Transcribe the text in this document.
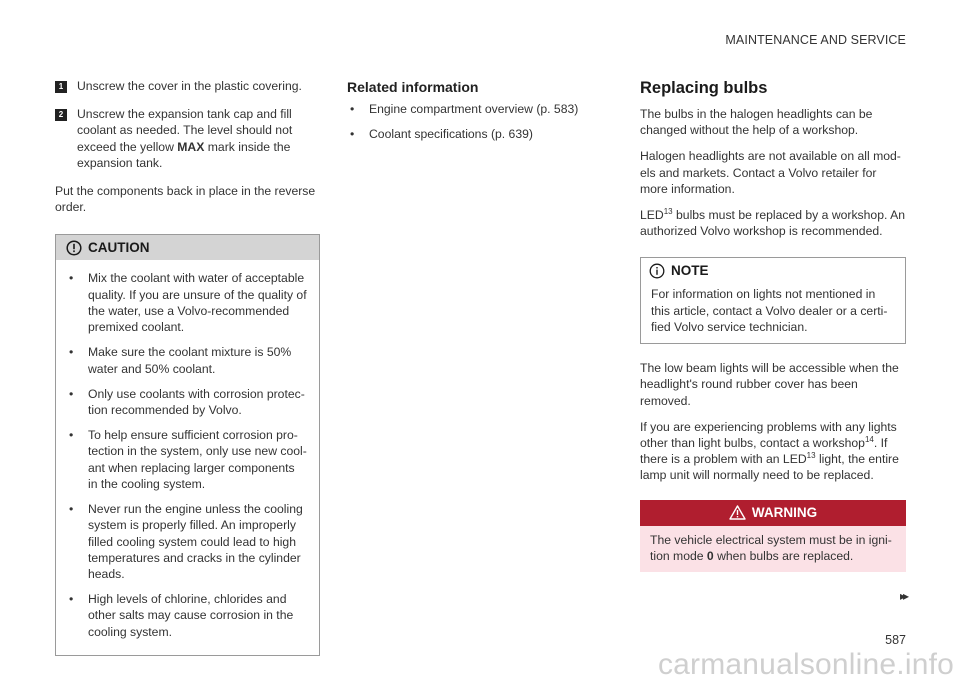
MAINTENANCE AND SERVICE
1	Unscrew the cover in the plastic covering.
2	Unscrew the expansion tank cap and fill coolant as needed. The level should not exceed the yellow MAX mark inside the expansion tank.

Put the components back in place in the reverse order.

CAUTION
• Mix the coolant with water of acceptable quality. If you are unsure of the quality of the water, use a Volvo-recommended premixed coolant.
• Make sure the coolant mixture is 50% water and 50% coolant.
• Only use coolants with corrosion protec- tion recommended by Volvo.
• To help ensure sufficient corrosion pro- tection in the system, only use new cool- ant when replacing larger components in the cooling system.
• Never run the engine unless the cooling system is properly filled. An improperly filled cooling system could lead to high temperatures and cracks in the cylinder heads.
• High levels of chlorine, chlorides and other salts may cause corrosion in the cooling system.
Related information
• Engine compartment overview (p. 583)
• Coolant specifications (p. 639)
Replacing bulbs

The bulbs in the halogen headlights can be changed without the help of a workshop.

Halogen headlights are not available on all mod- els and markets. Contact a Volvo retailer for more information.

LED$^{13}$ bulbs must be replaced by a workshop. An authorized Volvo workshop is recommended.

NOTE
For information on lights not mentioned in this article, contact a Volvo dealer or a certi- fied Volvo service technician.

The low beam lights will be accessible when the headlight's round rubber cover has been removed.

If you are experiencing problems with any lights other than light bulbs, contact a workshop$^{14}$. If there is a problem with an LED$^{13}$ light, the entire lamp unit will normally need to be replaced.

WARNING
The vehicle electrical system must be in igni- tion mode 0 when bulbs are replaced.
▸▸
587
carmanualsonline.info
